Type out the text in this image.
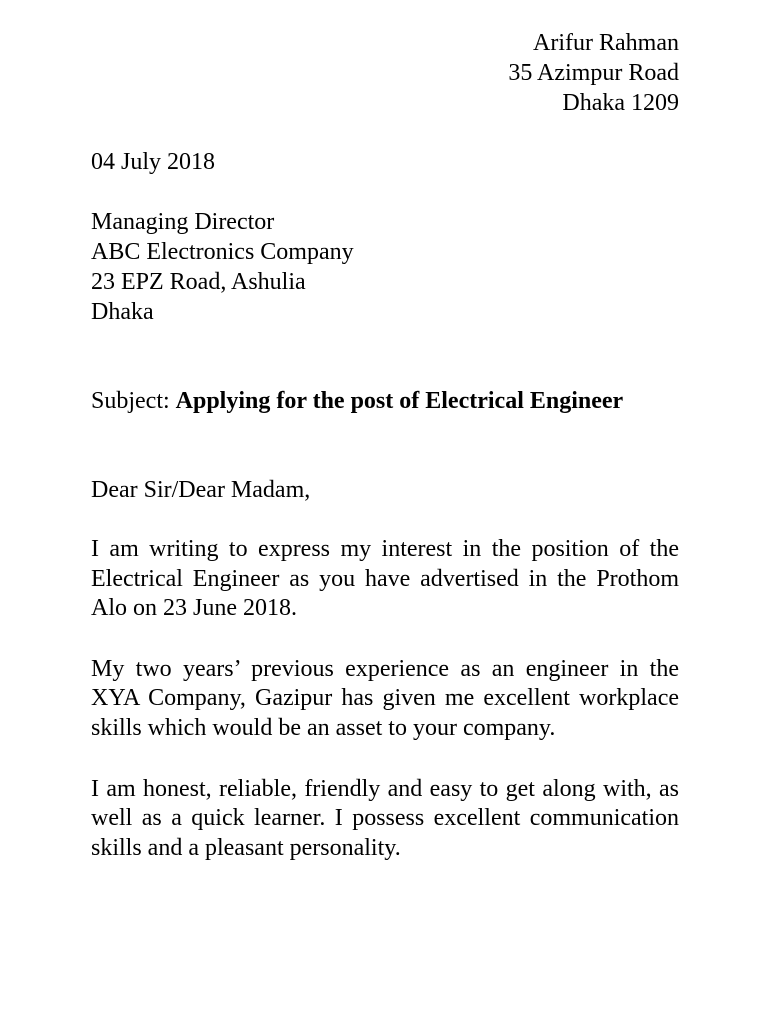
Arifur Rahman
35 Azimpur Road
Dhaka 1209
04 July 2018
Managing Director
ABC Electronics Company
23 EPZ Road, Ashulia
Dhaka
Subject: Applying for the post of Electrical Engineer
Dear Sir/Dear Madam,
I am writing to express my interest in the position of the Electrical Engineer as you have advertised in the Prothom Alo on 23 June 2018.
My two years’ previous experience as an engineer in the XYA Company, Gazipur has given me excellent workplace skills which would be an asset to your company.
I am honest, reliable, friendly and easy to get along with, as well as a quick learner. I possess excellent communication skills and a pleasant personality.
